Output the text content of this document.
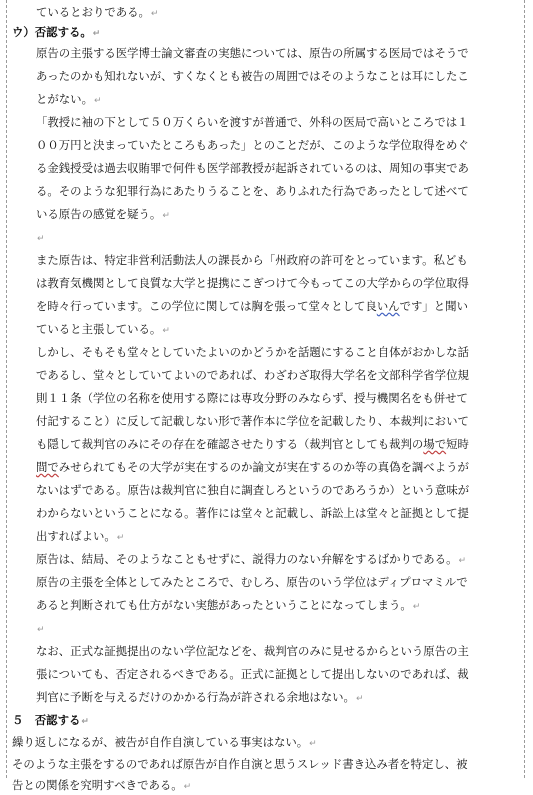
ているとおりである。↵
ウ）否認する。↵
原告の主張する医学博士論文審査の実態については、原告の所属する医局ではそうで
あったのかも知れないが、すくなくとも被告の周囲ではそのようなことは耳にしたこ
とがない。↵
「教授に袖の下として５０万くらいを渡すが普通で、外科の医局で高いところでは１
００万円と決まっていたところもあった」とのことだが、このような学位取得をめぐ
る金銭授受は過去収賄罪で何件も医学部教授が起訴されているのは、周知の事実であ
る。そのような犯罪行為にあたりうることを、ありふれた行為であったとして述べて
いる原告の感覚を疑う。↵
↵
また原告は、特定非営利活動法人の課長から「州政府の許可をとっています。私ども
は教育気機関として良質な大学と提携にこぎつけて今もってこの大学からの学位取得
を時々行っています。この学位に関しては胸を張って堂々として良いんです」と聞い
ていると主張している。↵
しかし、そもそも堂々としていたよいのかどうかを話題にすること自体がおかしな話
であるし、堂々としていてよいのであれば、わざわざ取得大学名を文部科学省学位規
則１１条（学位の名称を使用する際には専攻分野のみならず、授与機関名をも併せて
付記すること）に反して記載しない形で著作本に学位を記載したり、本裁判において
も隠して裁判官のみにその存在を確認させたりする（裁判官としても裁判の場で短時
間でみせられてもその大学が実在するのか論文が実在するのか等の真偽を調べようが
ないはずである。原告は裁判官に独自に調査しろというのであろうか）という意味が
わからないということになる。著作には堂々と記載し、訴訟上は堂々と証拠として提
出すればよい。↵
原告は、結局、そのようなこともせずに、説得力のない弁解をするばかりである。↵
原告の主張を全体としてみたところで、むしろ、原告のいう学位はディプロマミルで
あると判断されても仕方がない実態があったということになってしまう。↵
↵
なお、正式な証拠提出のない学位記などを、裁判官のみに見せるからという原告の主
張についても、否定されるべきである。正式に証拠として提出しないのであれば、裁
判官に予断を与えるだけのかかる行為が許される余地はない。↵
５　否認する↵
繰り返しになるが、被告が自作自演している事実はない。↵
そのような主張をするのであれば原告が自作自演と思うスレッド書き込み者を特定し、被
告との関係を究明すべきである。↵
